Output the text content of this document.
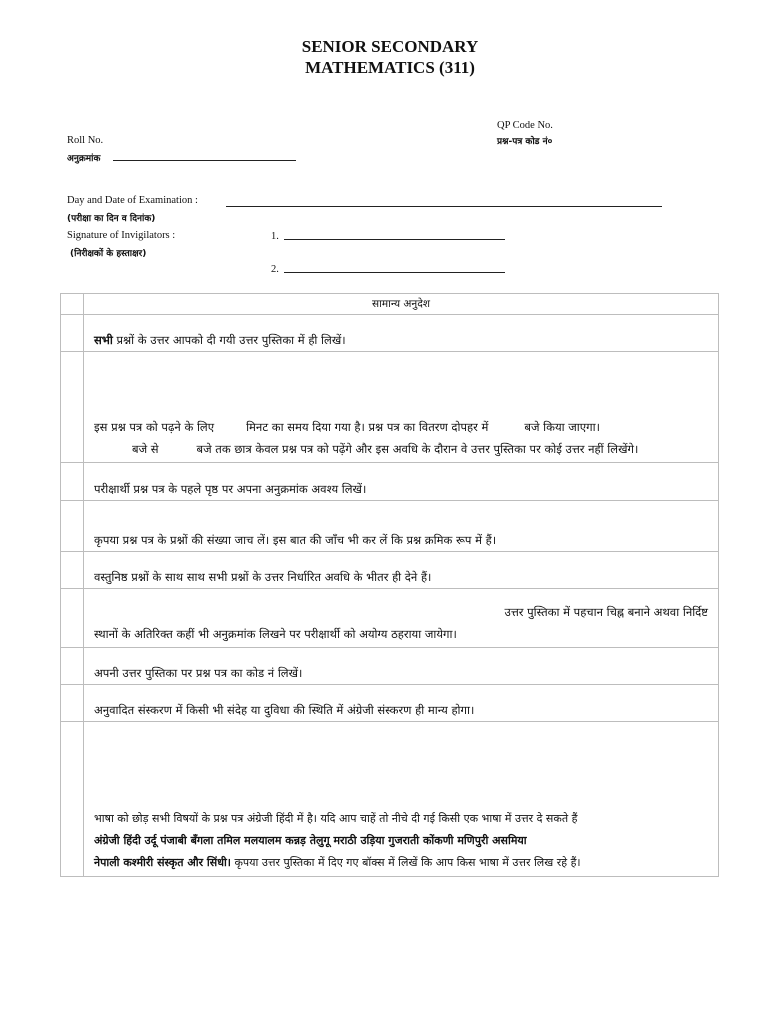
SENIOR SECONDARY
MATHEMATICS (311)
QP Code No.
प्रश्न-पत्र कोड नं०
Roll No.
अनुक्रमांक
Day and Date of Examination :
(परीक्षा का दिन व दिनांक)
Signature of Invigilators :
(निरीक्षकों के हस्ताक्षर)
1.
2.
	सामान्य अनुदेश
	सभी प्रश्नों के उत्तर आपको दी गयी उत्तर पुस्तिका में ही लिखें।
	इस प्रश्न पत्र को पढ़ने के लिए मिनट का समय दिया गया है। प्रश्न पत्र का वितरण दोपहर में बजे किया जाएगा।
बजे से बजे तक छात्र केवल प्रश्न पत्र को पढ़ेंगे और इस अवधि के दौरान वे उत्तर पुस्तिका पर कोई उत्तर नहीं लिखेंगे।
	परीक्षार्थी प्रश्न पत्र के पहले पृष्ठ पर अपना अनुक्रमांक अवश्य लिखें।
	कृपया प्रश्न पत्र के प्रश्नों की संख्या जाच लें। इस बात की जाँच भी कर लें कि प्रश्न क्रमिक रूप में हैं।
	वस्तुनिष्ठ प्रश्नों के साथ साथ सभी प्रश्नों के उत्तर निर्धारित अवधि के भीतर ही देने हैं।

	उत्तर पुस्तिका में पहचान चिह्न बनाने अथवा निर्दिष्ट
स्थानों के अतिरिक्त कहीं भी अनुक्रमांक लिखने पर परीक्षार्थी को अयोग्य ठहराया जायेगा।

	अपनी उत्तर पुस्तिका पर प्रश्न पत्र का कोड नं लिखें।
	अनुवादित संस्करण में किसी भी संदेह या दुविधा की स्थिति में अंग्रेजी संस्करण ही मान्य होगा।

	भाषा को छोड़ सभी विषयों के प्रश्न पत्र अंग्रेजी हिंदी में है। यदि आप चाहें तो नीचे दी गई किसी एक भाषा में उत्तर दे सकते हैं
अंग्रेजी हिंदी उर्दू पंजाबी बँगला तमिल मलयालम कन्नड़ तेलुगू मराठी उड़िया गुजराती कोंकणी मणिपुरी असमिया
नेपाली कश्मीरी संस्कृत और सिंधी। कृपया उत्तर पुस्तिका में दिए गए बॉक्स में लिखें कि आप किस भाषा में उत्तर लिख रहे हैं।
